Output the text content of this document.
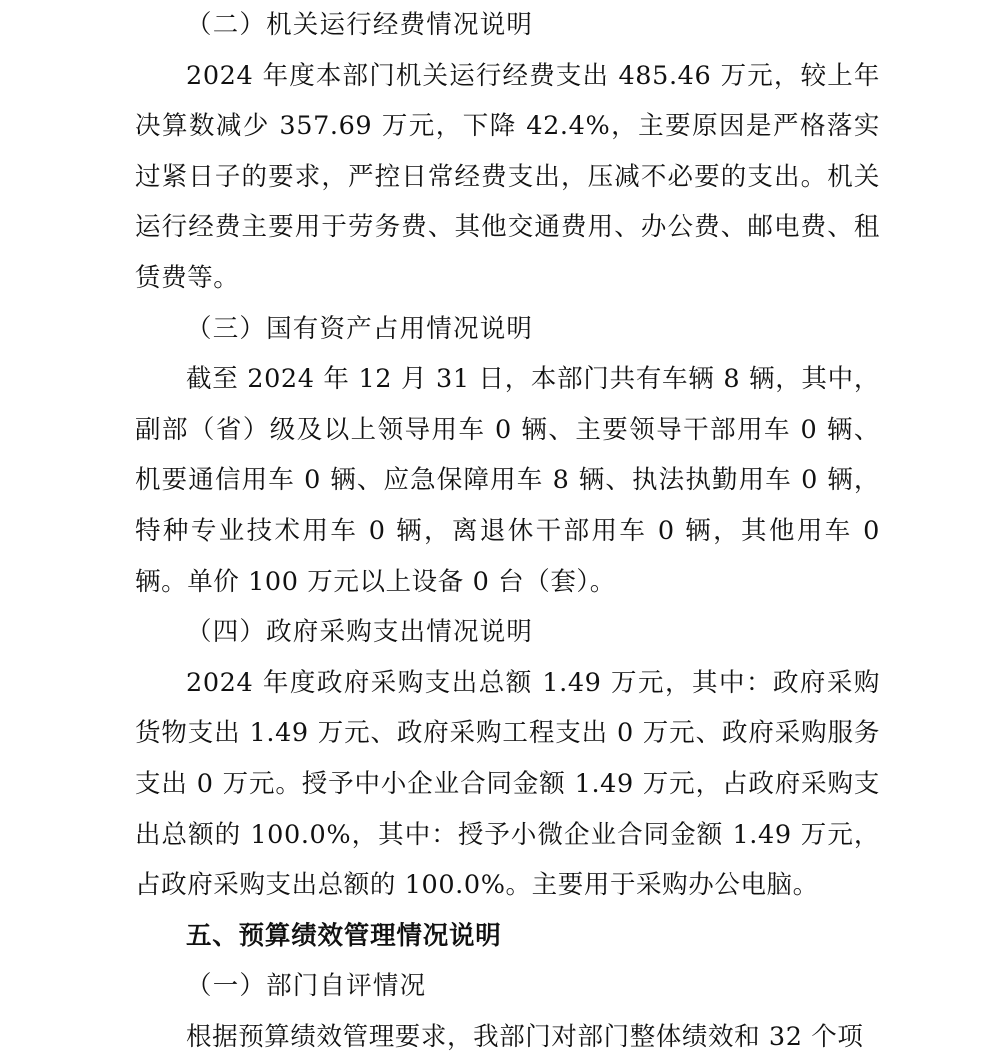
（二）机关运行经费情况说明

2024 年度本部门机关运行经费支出 485.46 万元，较上年决算数减少 357.69 万元，下降 42.4%，主要原因是严格落实过紧日子的要求，严控日常经费支出，压减不必要的支出。机关运行经费主要用于劳务费、其他交通费用、办公费、邮电费、租赁费等。

（三）国有资产占用情况说明

截至 2024 年 12 月 31 日，本部门共有车辆 8 辆，其中，副部（省）级及以上领导用车 0 辆、主要领导干部用车 0 辆、机要通信用车 0 辆、应急保障用车 8 辆、执法执勤用车 0 辆，特种专业技术用车 0 辆，离退休干部用车 0 辆，其他用车 0 辆。单价 100 万元以上设备 0 台（套）。

（四）政府采购支出情况说明

2024 年度政府采购支出总额 1.49 万元，其中：政府采购货物支出 1.49 万元、政府采购工程支出 0 万元、政府采购服务支出 0 万元。授予中小企业合同金额 1.49 万元，占政府采购支出总额的 100.0%，其中：授予小微企业合同金额 1.49 万元，占政府采购支出总额的 100.0%。主要用于采购办公电脑。

五、预算绩效管理情况说明

（一）部门自评情况

根据预算绩效管理要求，我部门对部门整体绩效和 32 个项
